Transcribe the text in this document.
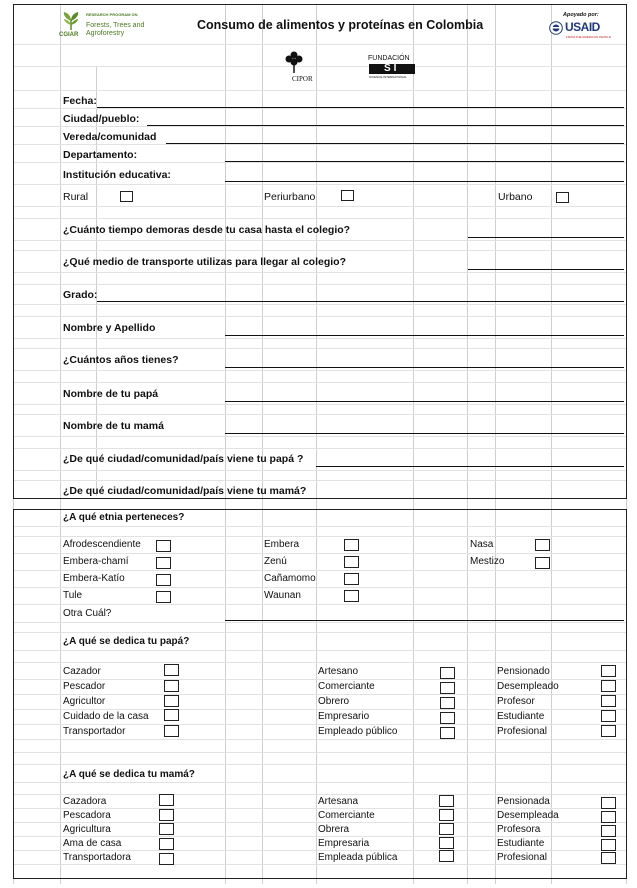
CGIAR
RESEARCH PROGRAM ON
Forests, Trees and
Agroforestry
Consumo de alimentos y proteínas en Colombia
Apoyado por:
USAID
FROM THE AMERICAN PEOPLE
CIPOR
FUNDACIÓN
SI
SCIENCE INTERNATIONAL
Fecha:
Ciudad/pueblo:
Vereda/comunidad
Departamento:
Institución educativa:
Rural	Periurbano	Urbano
¿Cuánto tiempo demoras desde tu casa hasta el colegio?
¿Qué medio de transporte utilizas para llegar al colegio?
Grado:
Nombre y Apellido
¿Cuántos años tienes?
Nombre de tu papá
Nombre de tu mamá
¿De qué ciudad/comunidad/país viene tu papá ?
¿De qué ciudad/comunidad/país viene tu mamá?
¿A qué etnia perteneces?
Afrodescendiente
Embera-chamí
Embera-Katío
Tule
Embera
Zenú
Cañamomo
Waunan
Nasa
Mestizo
Otra Cuál?
¿A qué se dedica tu papá?
Cazador
Pescador
Agricultor
Cuidado de la casa
Transportador
Artesano
Comerciante
Obrero
Empresario
Empleado público
Pensionado
Desempleado
Profesor
Estudiante
Profesional
¿A qué se dedica tu mamá?
Cazadora
Pescadora
Agricultura
Ama de casa
Transportadora
Artesana
Comerciante
Obrera
Empresaria
Empleada pública
Pensionada
Desempleada
Profesora
Estudiante
Profesional
